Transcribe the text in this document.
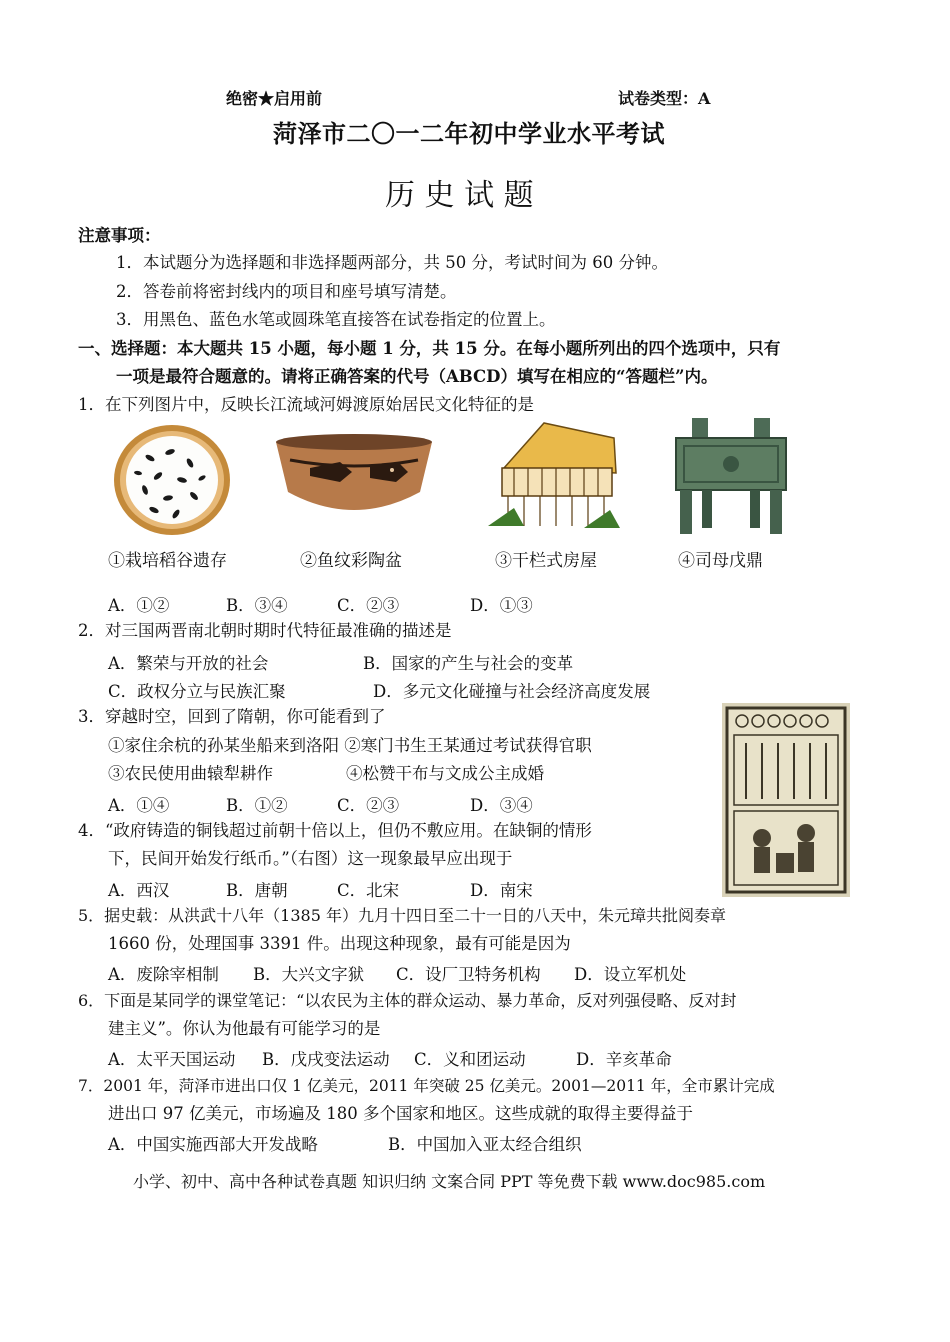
绝密★启用前	试卷类型：A
菏泽市二〇一二年初中学业水平考试
历 史 试 题
注意事项：
1．本试题分为选择题和非选择题两部分，共 50 分，考试时间为 60 分钟。
2．答卷前将密封线内的项目和座号填写清楚。
3．用黑色、蓝色水笔或圆珠笔直接答在试卷指定的位置上。
一、选择题：本大题共 15 小题，每小题 1 分，共 15 分。在每小题所列出的四个选项中，只有
一项是最符合题意的。请将正确答案的代号（ABCD）填写在相应的“答题栏”内。
1．在下列图片中，反映长江流域河姆渡原始居民文化特征的是
①栽培稻谷遗存	②鱼纹彩陶盆	③干栏式房屋	④司母戊鼎
A．①②	B．③④	C．②③	D．①③
2．对三国两晋南北朝时期时代特征最准确的描述是
A．繁荣与开放的社会	B．国家的产生与社会的变革
C．政权分立与民族汇聚	D．多元文化碰撞与社会经济高度发展
3．穿越时空，回到了隋朝，你可能看到了
①家住余杭的孙某坐船来到洛阳 ②寒门书生王某通过考试获得官职
③农民使用曲辕犁耕作	④松赞干布与文成公主成婚
A．①④	B．①②	C．②③	D．③④
4．“政府铸造的铜钱超过前朝十倍以上，但仍不敷应用。在缺铜的情形
下，民间开始发行纸币。”（右图）这一现象最早应出现于
A．西汉	B．唐朝	C．北宋	D．南宋
5．据史载：从洪武十八年（1385 年）九月十四日至二十一日的八天中，朱元璋共批阅奏章
1660 份，处理国事 3391 件。出现这种现象，最有可能是因为
A．废除宰相制 B．大兴文字狱 C．设厂卫特务机构 D．设立军机处
6．下面是某同学的课堂笔记：“以农民为主体的群众运动、暴力革命，反对列强侵略、反对封
建主义”。你认为他最有可能学习的是
A．太平天国运动 B．戊戌变法运动 C．义和团运动	D．辛亥革命
7．2001 年，菏泽市进出口仅 1 亿美元，2011 年突破 25 亿美元。2001—2011 年，全市累计完成
进出口 97 亿美元，市场遍及 180 多个国家和地区。这些成就的取得主要得益于
A．中国实施西部大开发战略	B．中国加入亚太经合组织
小学、初中、高中各种试卷真题 知识归纳 文案合同 PPT 等免费下载 www.doc985.com
